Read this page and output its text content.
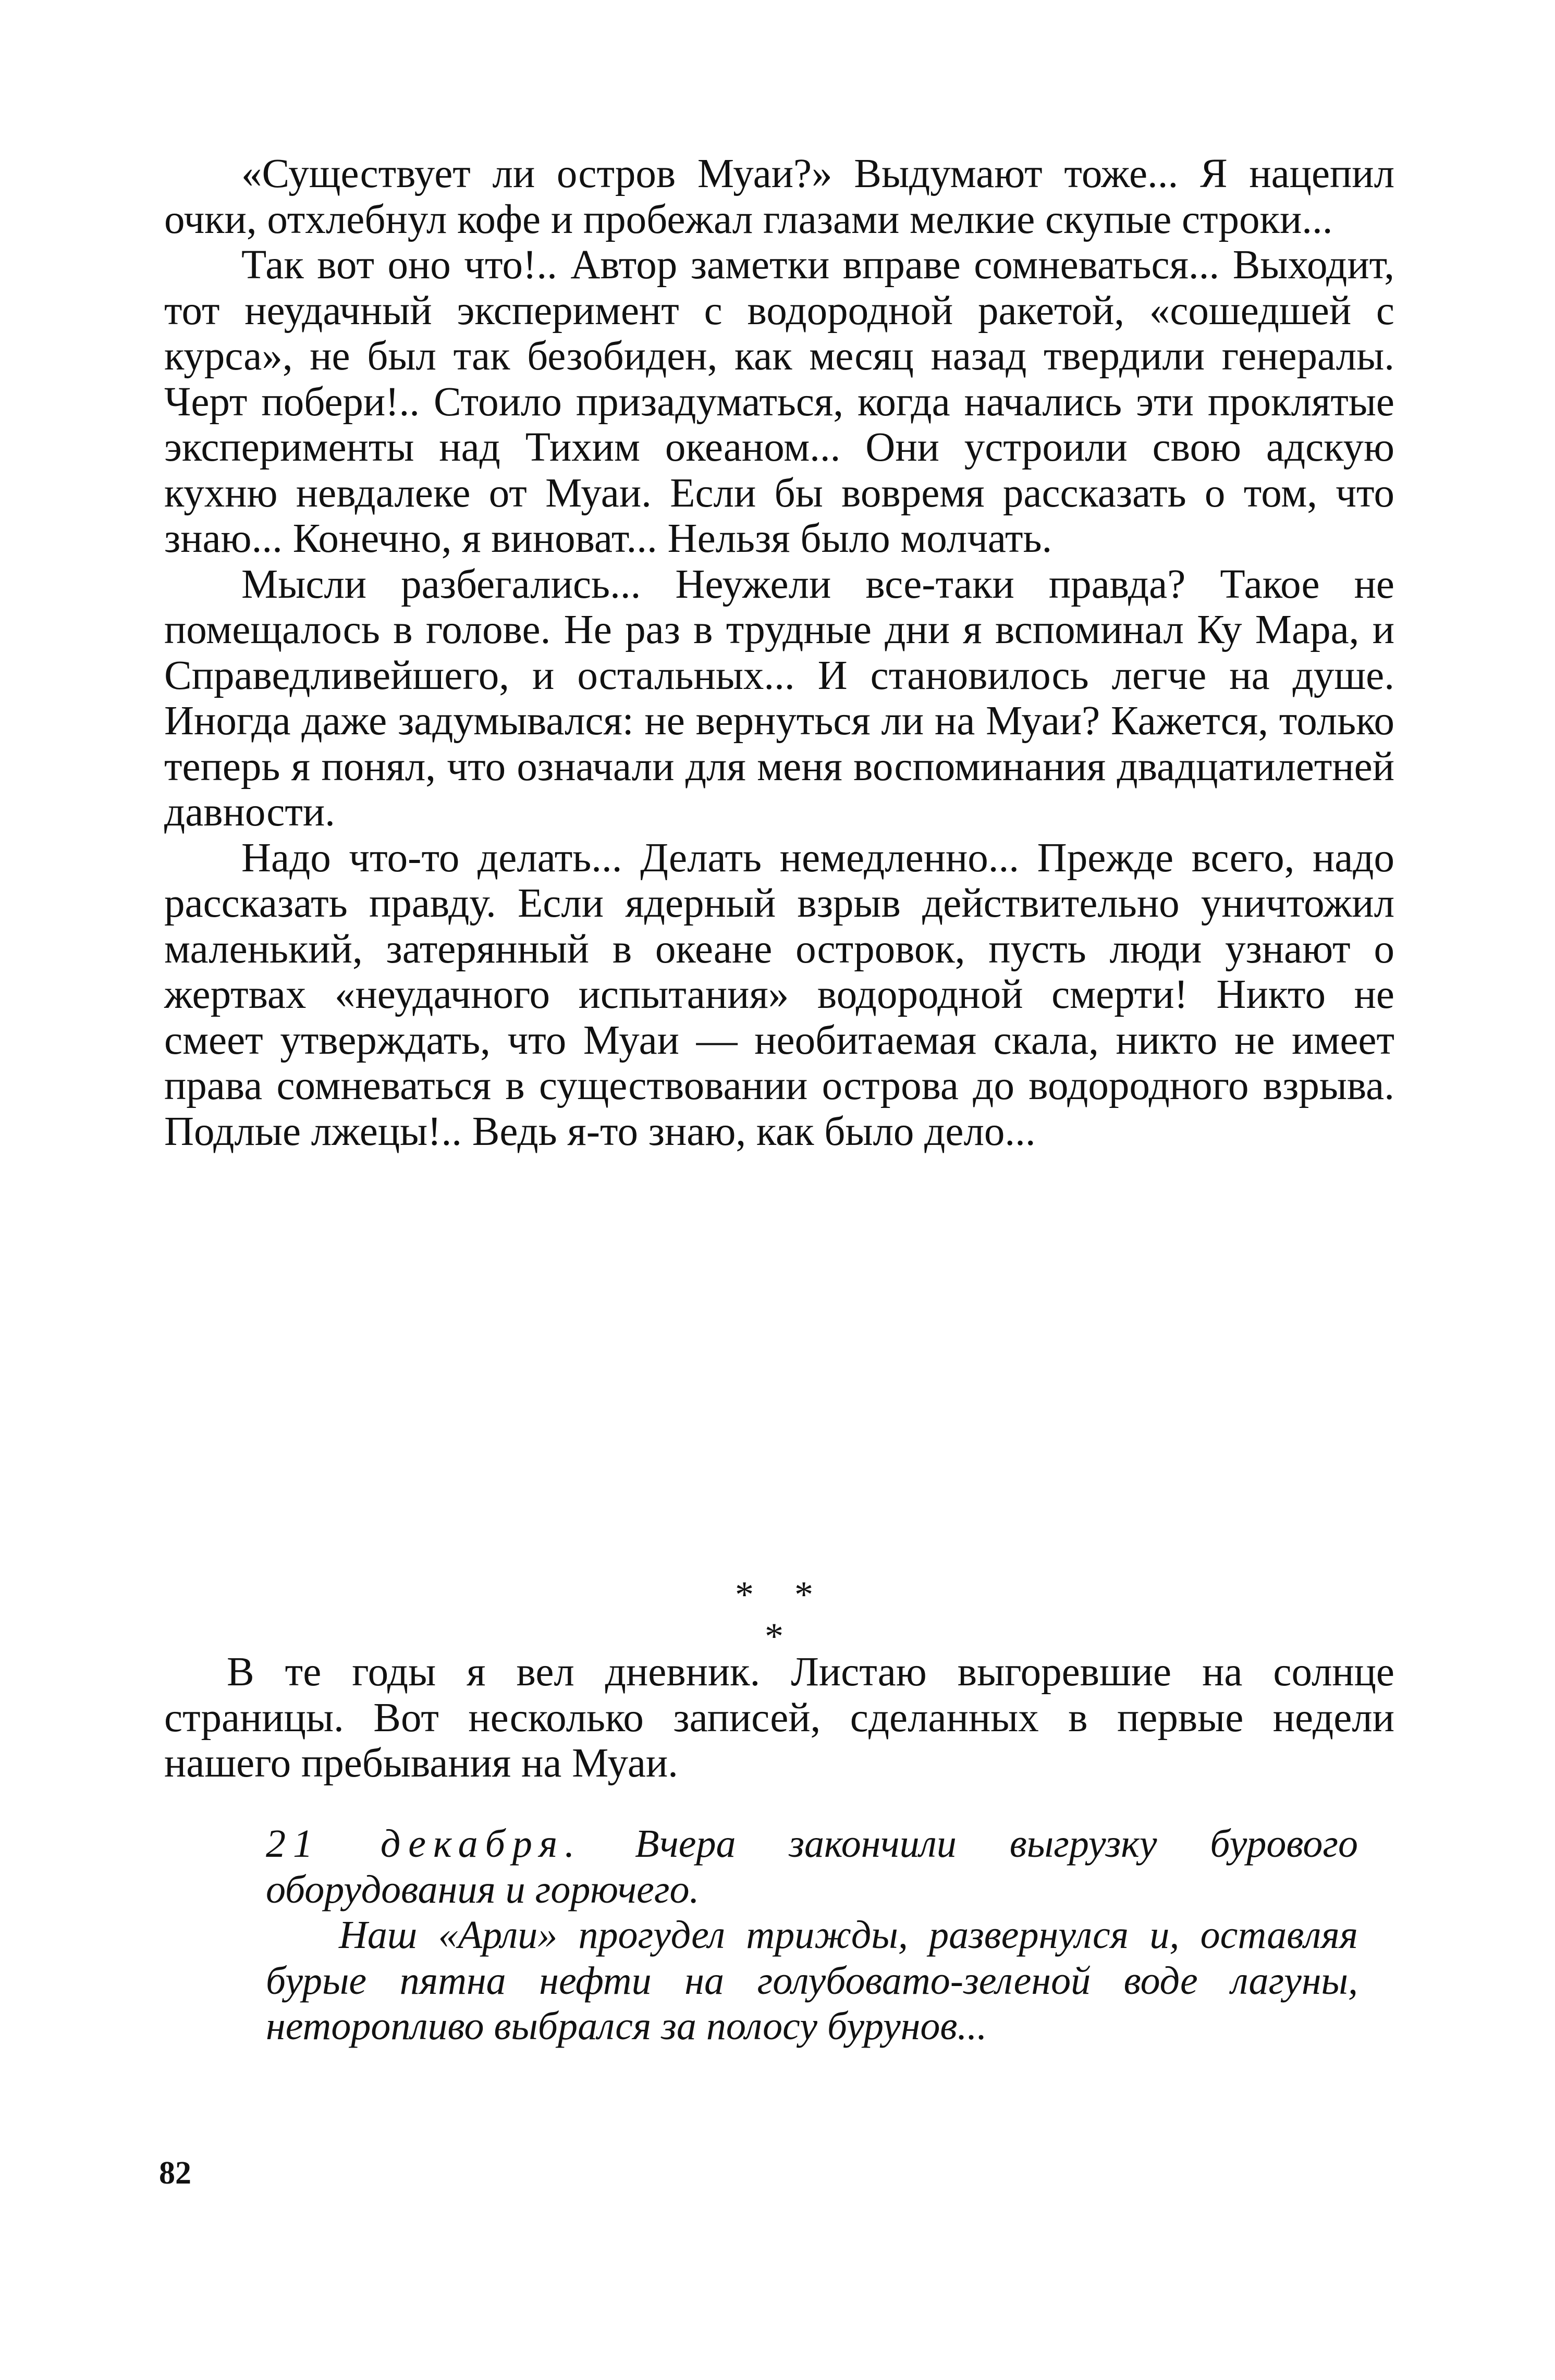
«Существует ли остров Муаи?» Выдумают тоже... Я нацепил очки, отхлебнул кофе и пробежал глазами мелкие скупые строки...

Так вот оно что!.. Автор заметки вправе сомневаться... Выходит, тот неудачный эксперимент с водородной ракетой, «сошедшей с курса», не был так безобиден, как месяц назад твердили генералы. Черт побери!.. Стоило призадуматься, когда начались эти проклятые эксперименты над Тихим океаном... Они устроили свою адскую кухню невдалеке от Муаи. Если бы вовремя рассказать о том, что знаю... Конечно, я виноват... Нельзя было молчать.

Мысли разбегались... Неужели все-таки правда? Такое не помещалось в голове. Не раз в трудные дни я вспоминал Ку Мара, и Справедливейшего, и остальных... И становилось легче на душе. Иногда даже задумывался: не вернуться ли на Муаи? Кажется, только теперь я понял, что означали для меня воспоминания двадцатилетней давности.

Надо что-то делать... Делать немедленно... Прежде всего, надо рассказать правду. Если ядерный взрыв действительно уничтожил маленький, затерянный в океане островок, пусть люди узнают о жертвах «неудачного испытания» водородной смерти! Никто не смеет утверждать, что Муаи — необитаемая скала, никто не имеет права сомневаться в существовании острова до водородного взрыва. Подлые лжецы!.. Ведь я-то знаю, как было дело...

* * *

В те годы я вел дневник. Листаю выгоревшие на солнце страницы. Вот несколько записей, сделанных в первые недели нашего пребывания на Муаи.

21 декабря. Вчера закончили выгрузку бурового оборудования и горючего.

Наш «Арли» прогудел трижды, развернулся и, оставляя бурые пятна нефти на голубовато-зеленой воде лагуны, неторопливо выбрался за полосу бурунов...

82
